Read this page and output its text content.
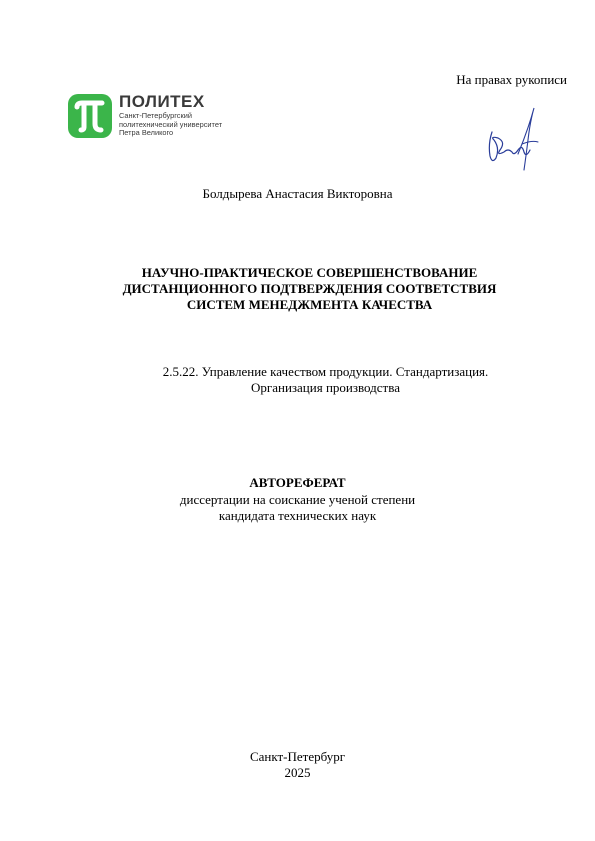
На правах рукописи
ПОЛИТЕХ
Санкт-Петербургский
политехнический университет
Петра Великого
Болдырева Анастасия Викторовна
НАУЧНО-ПРАКТИЧЕСКОЕ СОВЕРШЕНСТВОВАНИЕ
ДИСТАНЦИОННОГО ПОДТВЕРЖДЕНИЯ СООТВЕТСТВИЯ
СИСТЕМ МЕНЕДЖМЕНТА КАЧЕСТВА
2.5.22. Управление качеством продукции. Стандартизация.
Организация производства
АВТОРЕФЕРАТ
диссертации на соискание ученой степени
кандидата технических наук
Санкт-Петербург
2025
